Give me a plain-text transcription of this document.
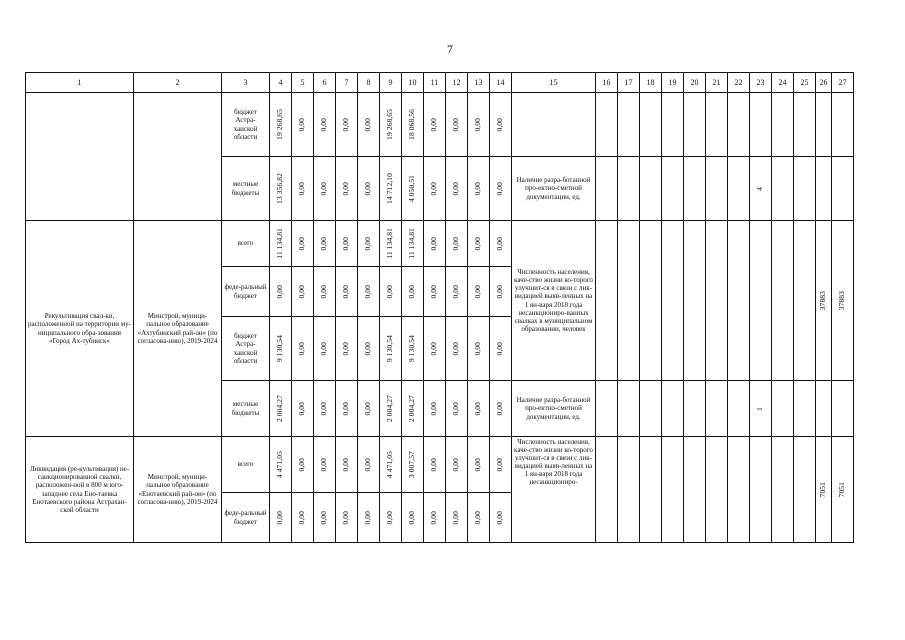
7
1	2	3	4	5	6	7	8	9	10	11	12	13	14	15	16	17	18	19	20	21	22	23	24	25	26	27
		бюджет Астра-ханской области	19 268,65	0,00	0,00	0,00	0,00	19 268,65	18 068,56	0,00	0,00	0,00	0,00													

		местные бюджеты	13 356,82	0,00	0,00	0,00	0,00	14 712,10	4 050,51	0,00	0,00	0,00	0,00	Наличие разра-ботанной про-ектно-сметной документации, ед.								4				

Рекультивация свал-ки, расположенной на территории му-ниципального обра-зования «Город Ах-тубинск»	Минстрой, муници-пальное образование «Ахтубинский рай-он» (по согласова-нию), 2019-2024	всего	11 134,81	0,00	0,00	0,00	0,00	11 134,81	11 134,81	0,00	0,00	0,00	0,00	Численность населения, каче-ство жизни ко-торого улучшит-ся в связи с лик-видацией выяв-ленных на 1 ян-варя 2018 года несанкциониро-ванных свалках в муниципальном образовании, человек											37883	37883

		феде-ральный бюджет	0,00	0,00	0,00	0,00	0,00	0,00	0,00	0,00	0,00	0,00	0,00													

		бюджет Астра-ханской области	9 130,54	0,00	0,00	0,00	0,00	9 130,54	9 130,54	0,00	0,00	0,00	0,00													

		местные бюджеты	2 004,27	0,00	0,00	0,00	0,00	2 004,27	2 004,27	0,00	0,00	0,00	0,00	Наличие разра-ботанной про-ектно-сметной документации, ед.								1				

Ликвидация (ре-культивация) не-санкционированной свалки, расположен-ной в 800 м юго-западнее села Ено-таевка Енотаевского района Астрахан-ской области	Минстрой, муници-пальное образование «Енотаевский рай-он» (по согласова-нию), 2019-2024	всего	4 471,05	0,00	0,00	0,00	0,00	4 471,05	3 007,57	0,00	0,00	0,00	0,00	Численность населения, каче-ство жизни ко-торого улучшит-ся в связи с лик-видацией выяв-ленных на 1 ян-варя 2018 года несанкциониро-											7051	7051

		феде-ральный бюджет	0,00	0,00	0,00	0,00	0,00	0,00	0,00	0,00	0,00	0,00	0,00													
